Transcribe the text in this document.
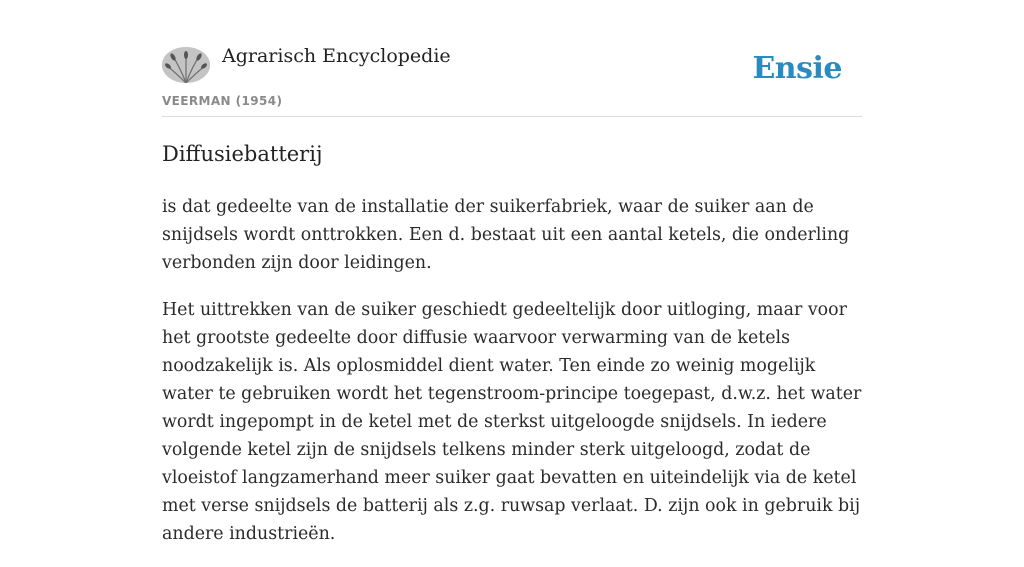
Agrarisch Encyclopedie
VEERMAN (1954)
Ensie
Diffusiebatterij

is dat gedeelte van de installatie der suikerfabriek, waar de suiker aan de snijdsels wordt onttrokken. Een d. bestaat uit een aantal ketels, die onderling verbonden zijn door leidingen.

Het uittrekken van de suiker geschiedt gedeeltelijk door uitloging, maar voor het grootste gedeelte door diffusie waarvoor verwarming van de ketels noodzakelijk is. Als oplosmiddel dient water. Ten einde zo weinig mogelijk water te gebruiken wordt het tegenstroom-principe toegepast, d.w.z. het water wordt ingepompt in de ketel met de sterkst uitgeloogde snijdsels. In iedere volgende ketel zijn de snijdsels telkens minder sterk uitgeloogd, zodat de vloeistof langzamerhand meer suiker gaat bevatten en uiteindelijk via de ketel met verse snijdsels de batterij als z.g. ruwsap verlaat. D. zijn ook in gebruik bij andere industrieën.
